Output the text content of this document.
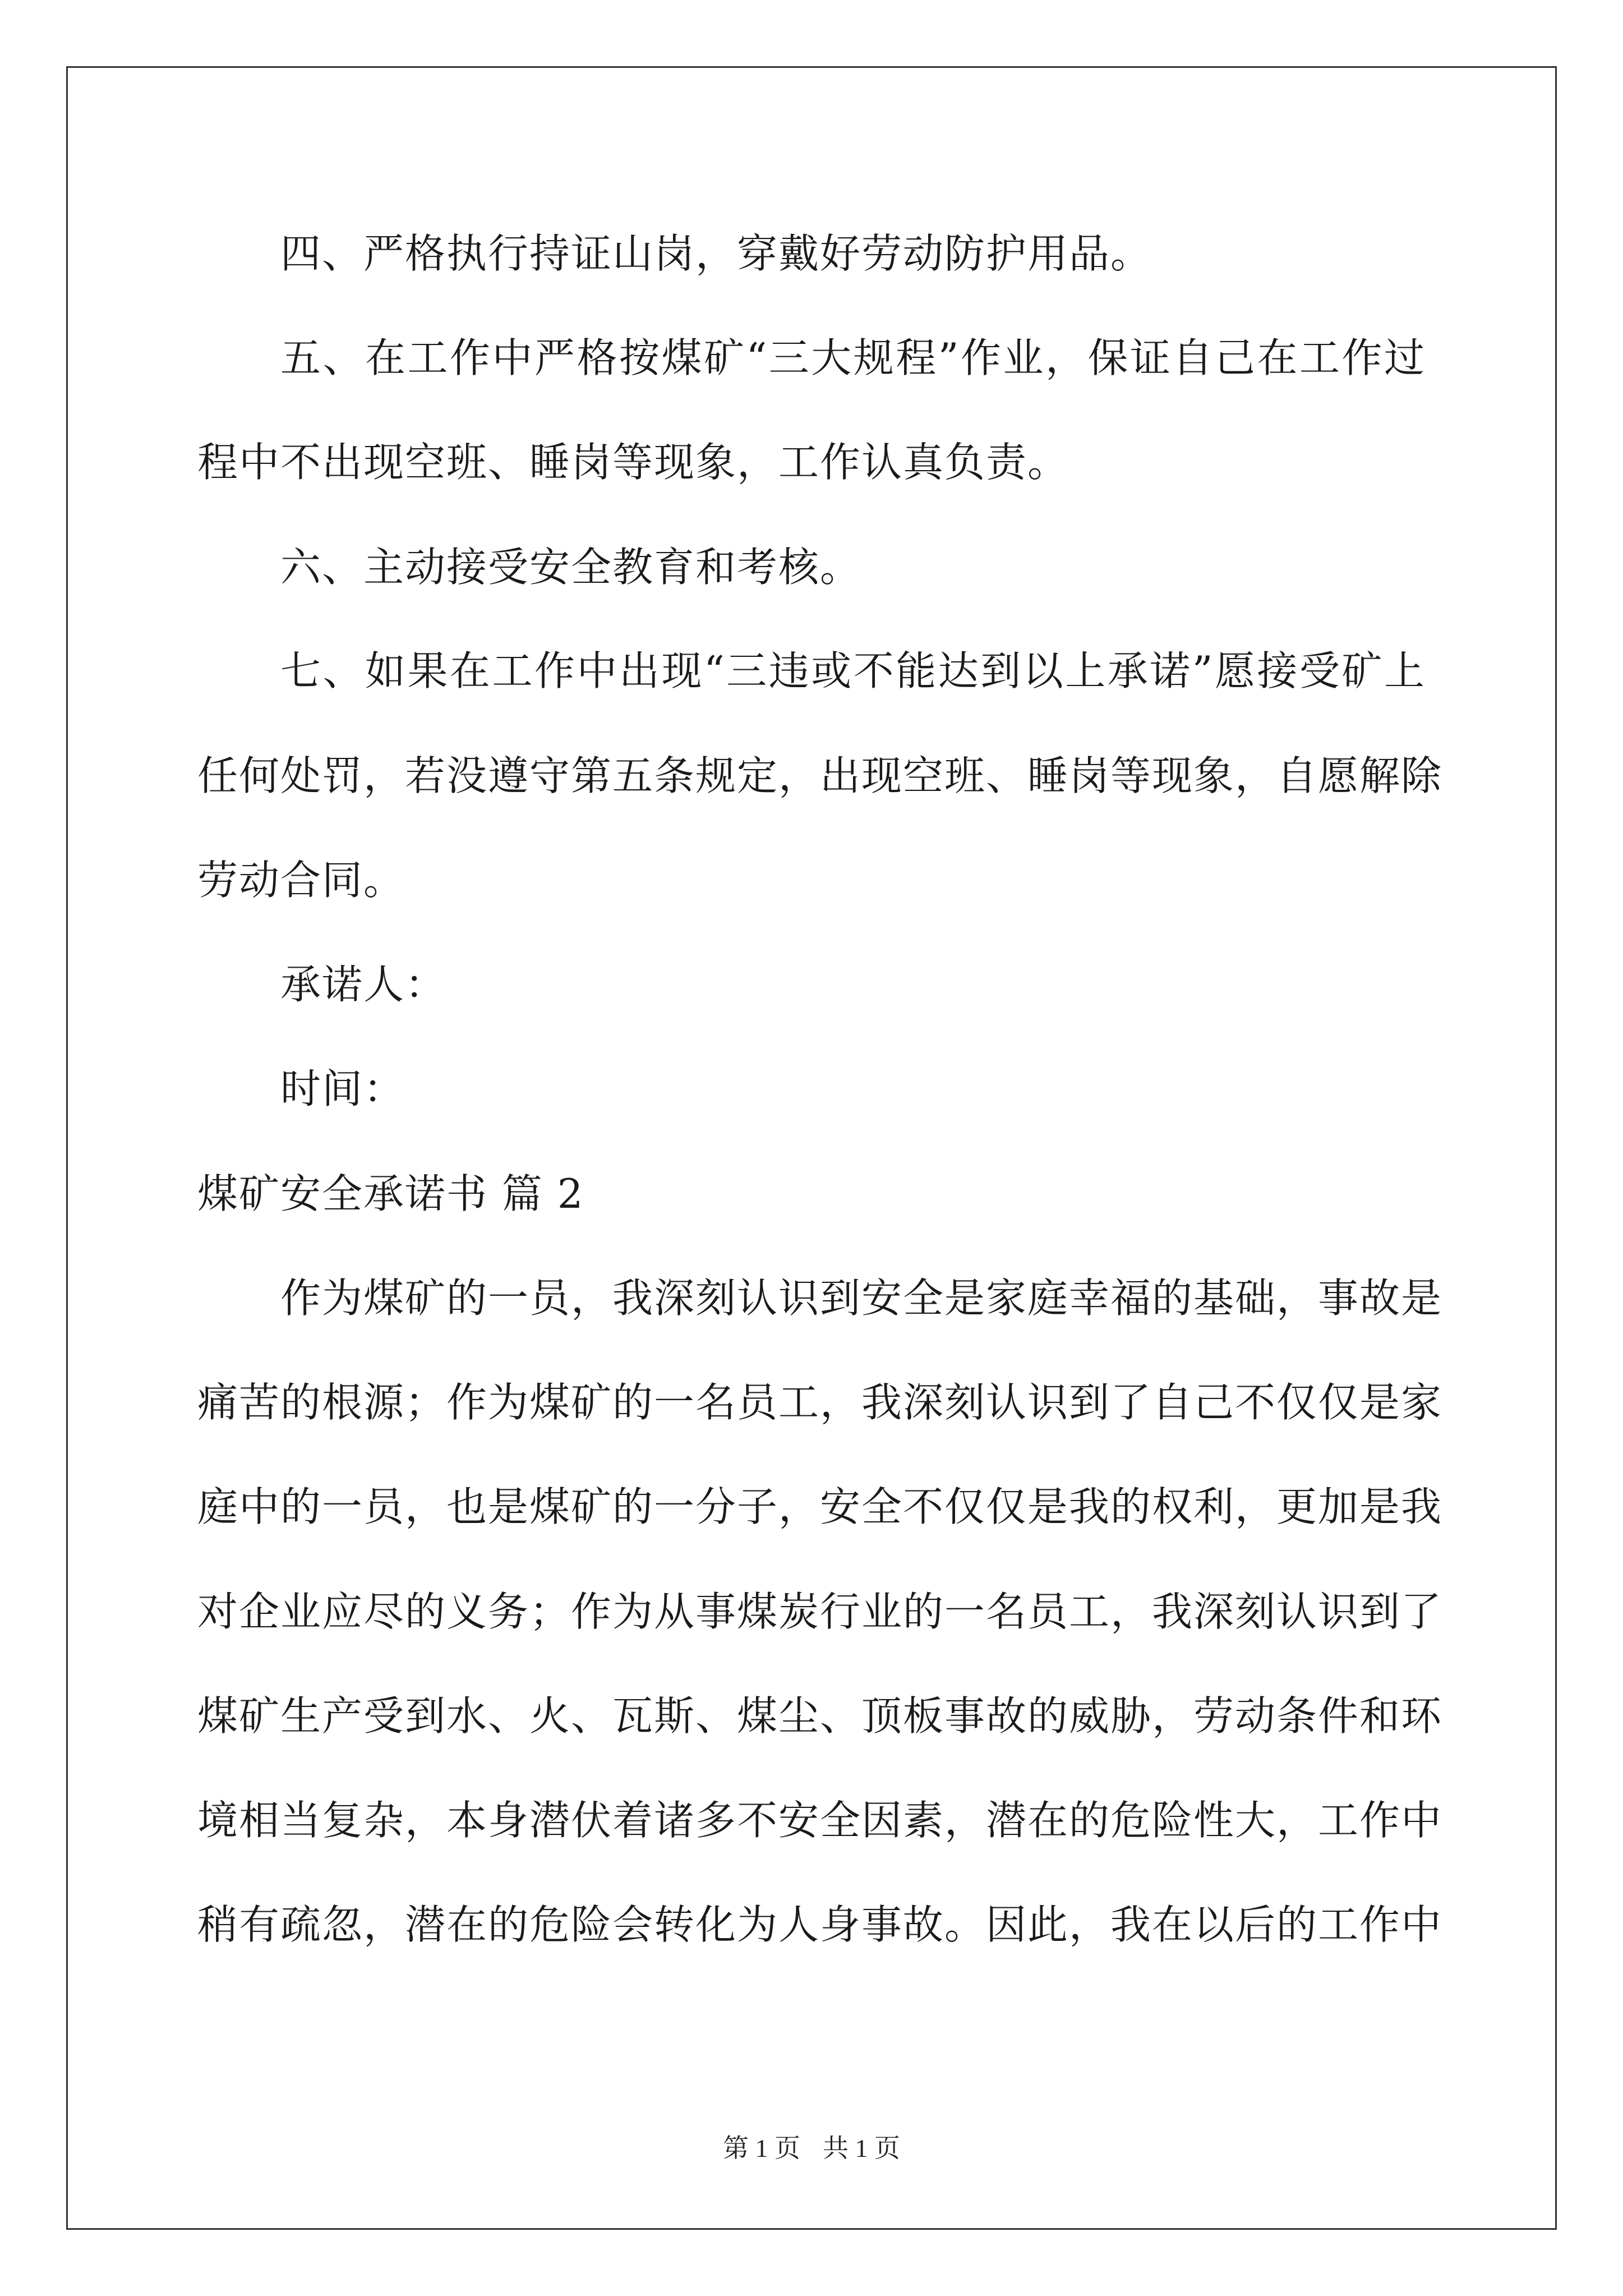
四、严格执行持证山岗，穿戴好劳动防护用品。
五、在工作中严格按煤矿“三大规程”作业，保证自己在工作过
程中不出现空班、睡岗等现象，工作认真负责。
六、主动接受安全教育和考核。
七、如果在工作中出现“三违或不能达到以上承诺”愿接受矿上
任何处罚，若没遵守第五条规定，出现空班、睡岗等现象，自愿解除
劳动合同。
承诺人：
时间：
煤矿安全承诺书 篇 2
作为煤矿的一员，我深刻认识到安全是家庭幸福的基础，事故是
痛苦的根源；作为煤矿的一名员工，我深刻认识到了自己不仅仅是家
庭中的一员，也是煤矿的一分子，安全不仅仅是我的权利，更加是我
对企业应尽的义务；作为从事煤炭行业的一名员工，我深刻认识到了
煤矿生产受到水、火、瓦斯、煤尘、顶板事故的威胁，劳动条件和环
境相当复杂，本身潜伏着诸多不安全因素，潜在的危险性大，工作中
稍有疏忽，潜在的危险会转化为人身事故。因此，我在以后的工作中
第 1 页 共 1 页
